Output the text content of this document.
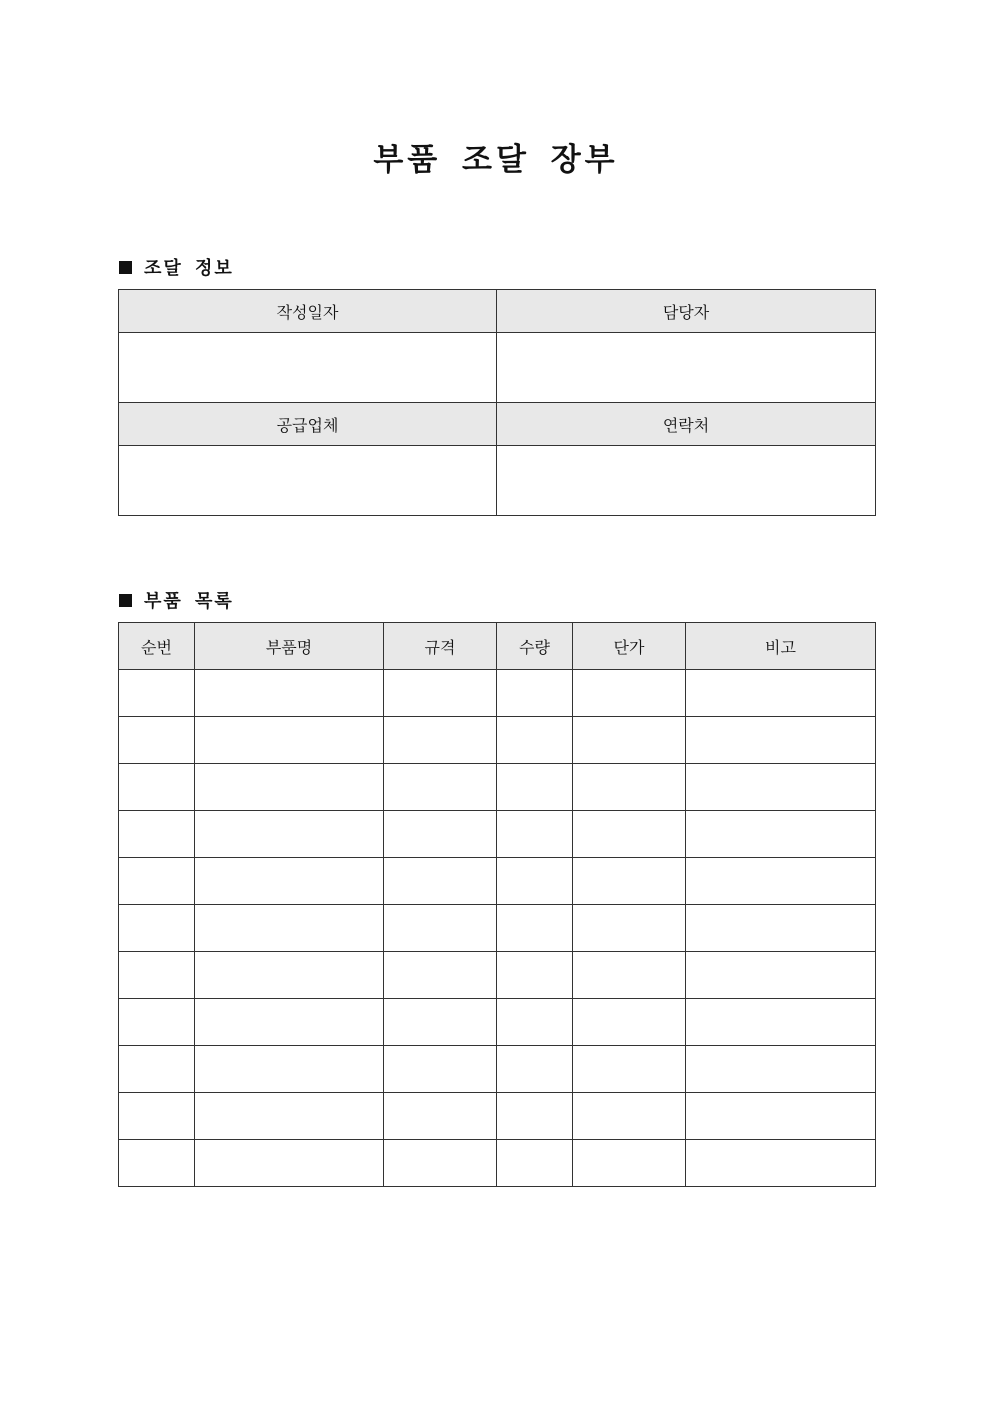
부품 조달 장부
조달 정보
작성일자	담당자

공급업체	연락처

부품 목록
순번	부품명	규격	수량	단가	비고
